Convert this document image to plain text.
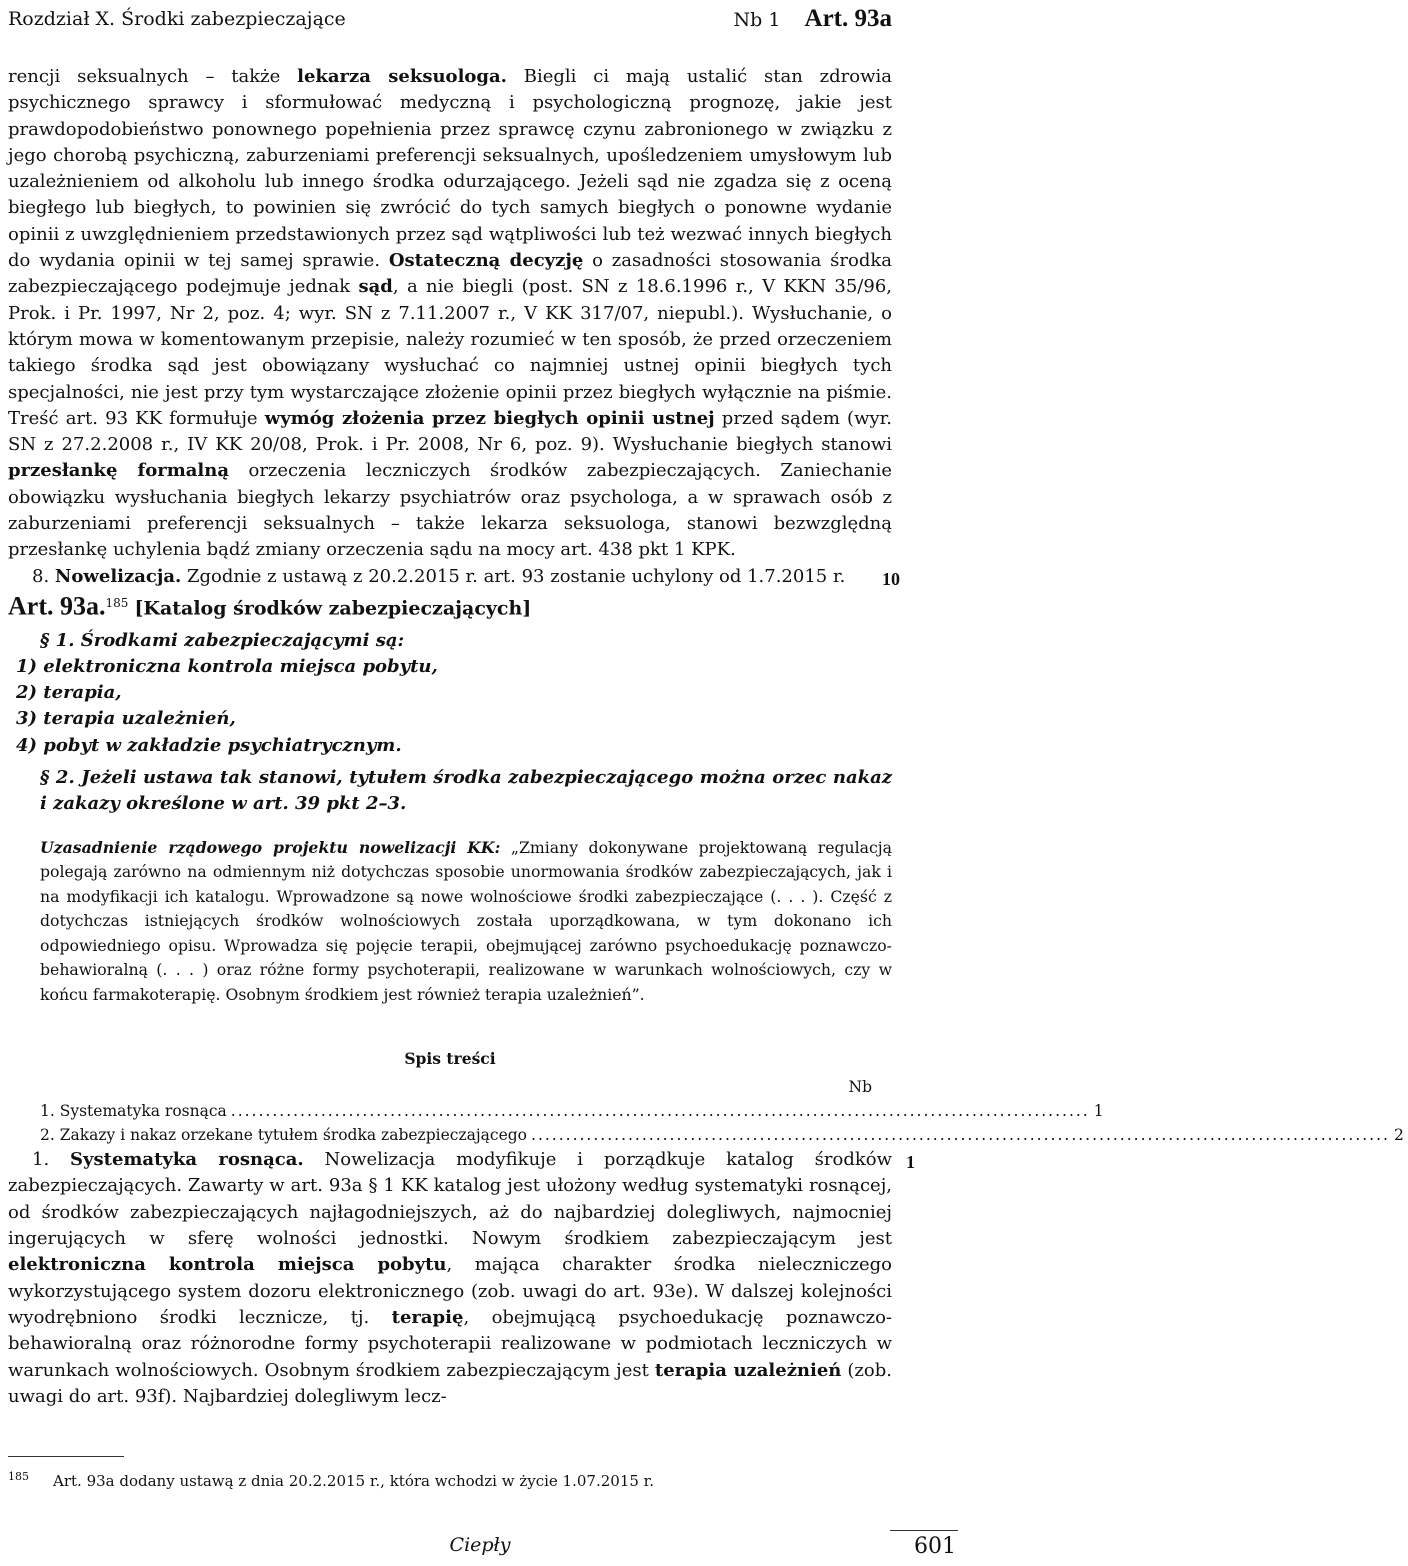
Rozdział X. Środki zabezpieczające	Nb 1 Art. 93a

rencji seksualnych – także lekarza seksuologa. Biegli ci mają ustalić stan zdrowia psychicznego sprawcy i sformułować medyczną i psychologiczną prognozę, jakie jest prawdopodobieństwo ponownego popełnienia przez sprawcę czynu zabronionego w związku z jego chorobą psychiczną, zaburzeniami preferencji seksualnych, upośledzeniem umysłowym lub uzależnieniem od alkoholu lub innego środka odurzającego. Jeżeli sąd nie zgadza się z oceną biegłego lub biegłych, to powinien się zwrócić do tych samych biegłych o ponowne wydanie opinii z uwzględnieniem przedstawionych przez sąd wątpliwości lub też wezwać innych biegłych do wydania opinii w tej samej sprawie. Ostateczną decyzję o zasadności stosowania środka zabezpieczającego podejmuje jednak sąd, a nie biegli (post. SN z 18.6.1996 r., V KKN 35/96, Prok. i Pr. 1997, Nr 2, poz. 4; wyr. SN z 7.11.2007 r., V KK 317/07, niepubl.). Wysłuchanie, o którym mowa w komentowanym przepisie, należy rozumieć w ten sposób, że przed orzeczeniem takiego środka sąd jest obowiązany wysłuchać co najmniej ustnej opinii biegłych tych specjalności, nie jest przy tym wystarczające złożenie opinii przez biegłych wyłącznie na piśmie. Treść art. 93 KK formułuje wymóg złożenia przez biegłych opinii ustnej przed sądem (wyr. SN z 27.2.2008 r., IV KK 20/08, Prok. i Pr. 2008, Nr 6, poz. 9). Wysłuchanie biegłych stanowi przesłankę formalną orzeczenia leczniczych środków zabezpieczających. Zaniechanie obowiązku wysłuchania biegłych lekarzy psychiatrów oraz psychologa, a w sprawach osób z zaburzeniami preferencji seksualnych – także lekarza seksuologa, stanowi bezwzględną przesłankę uchylenia bądź zmiany orzeczenia sądu na mocy art. 438 pkt 1 KPK.

8. Nowelizacja. Zgodnie z ustawą z 20.2.2015 r. art. 93 zostanie uchylony od 1.7.2015 r. 10

Art. 93a.$^{185}$ [Katalog środków zabezpieczających]

§ 1. Środkami zabezpieczającymi są:

1) elektroniczna kontrola miejsca pobytu,

2) terapia,

3) terapia uzależnień,

4) pobyt w zakładzie psychiatrycznym.

§ 2. Jeżeli ustawa tak stanowi, tytułem środka zabezpieczającego można orzec nakaz i zakazy określone w art. 39 pkt 2–3.

Uzasadnienie rządowego projektu nowelizacji KK: „Zmiany dokonywane projektowaną regulacją polegają zarówno na odmiennym niż dotychczas sposobie unormowania środków zabezpieczających, jak i na modyfikacji ich katalogu. Wprowadzone są nowe wolnościowe środki zabezpieczające (. . . ). Część z dotychczas istniejących środków wolnościowych została uporządkowana, w tym dokonano ich odpowiedniego opisu. Wprowadza się pojęcie terapii, obejmującej zarówno psychoedukację poznawczo-behawioralną (. . . ) oraz różne formy psychoterapii, realizowane w warunkach wolnościowych, czy w końcu farmakoterapię. Osobnym środkiem jest również terapia uzależnień”.
Spis treści
Nb
1. Systematyka rosnąca ............................................................................................................................ 1
2. Zakazy i nakaz orzekane tytułem środka zabezpieczającego ............................................................................................................................ 2

1. Systematyka rosnąca. Nowelizacja modyfikuje i porządkuje katalog środków zabezpieczających. Zawarty w art. 93a § 1 KK katalog jest ułożony według systematyki rosnącej, od środków zabezpieczających najłagodniejszych, aż do najbardziej dolegliwych, najmocniej ingerujących w sferę wolności jednostki. Nowym środkiem zabezpieczającym jest elektroniczna kontrola miejsca pobytu, mająca charakter środka nieleczniczego wykorzystującego system dozoru elektronicznego (zob. uwagi do art. 93e). W dalszej kolejności wyodrębniono środki lecznicze, tj. terapię, obejmującą psychoedukację poznawczo-behawioralną oraz różnorodne formy psychoterapii realizowane w podmiotach leczniczych w warunkach wolnościowych. Osobnym środkiem zabezpieczającym jest terapia uzależnień (zob. uwagi do art. 93f). Najbardziej dolegliwym lecz-
1

$^{185}$ Art. 93a dodany ustawą z dnia 20.2.2015 r., która wchodzi w życie 1.07.2015 r.
Ciepły	601
